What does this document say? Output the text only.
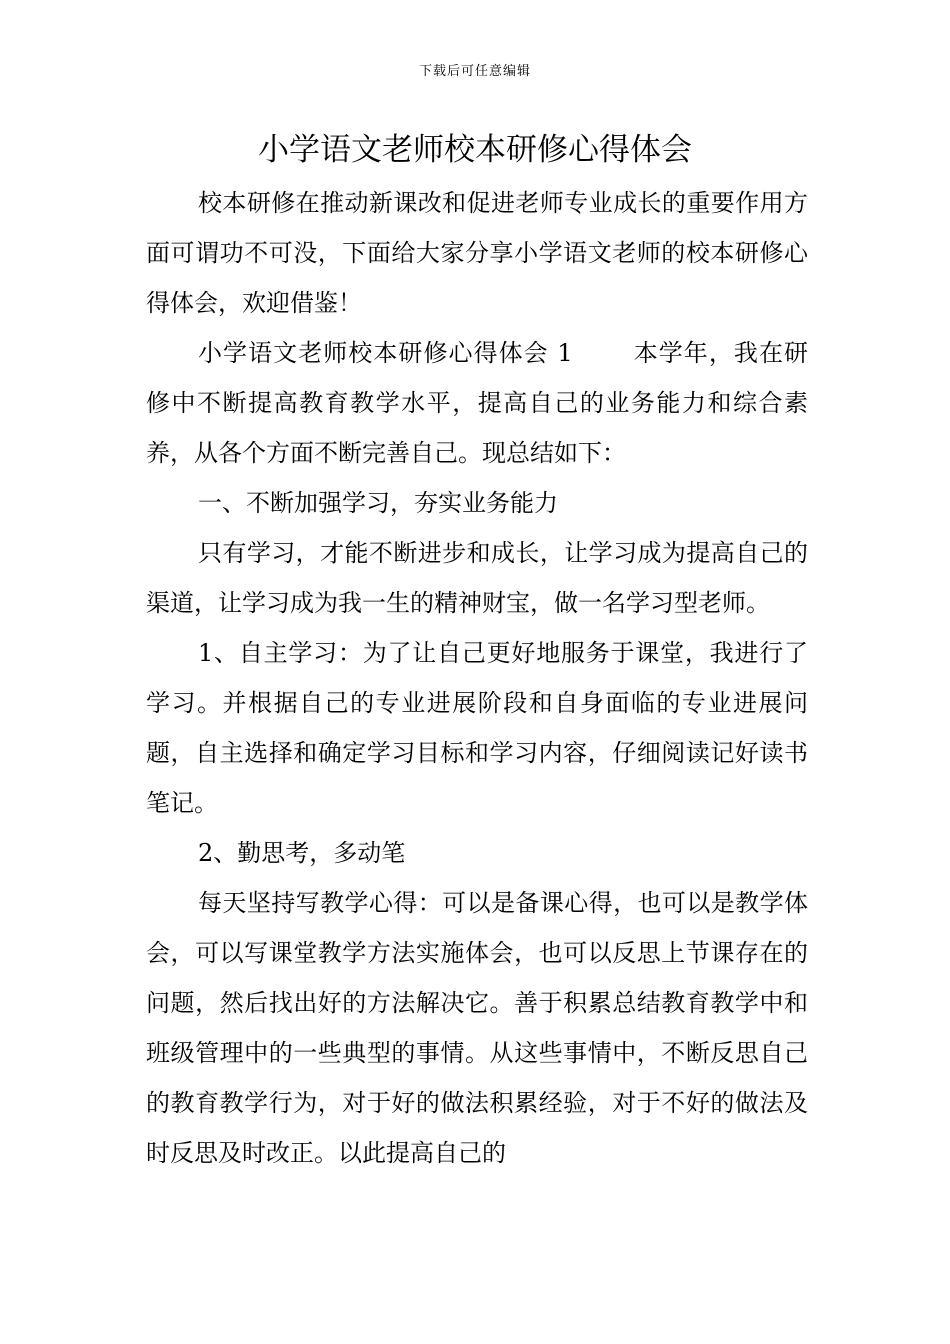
下载后可任意编辑
小学语文老师校本研修心得体会

校本研修在推动新课改和促进老师专业成长的重要作用方面可谓功不可没，下面给大家分享小学语文老师的校本研修心得体会，欢迎借鉴！

小学语文老师校本研修心得体会 1	本学年，我在研修中不断提高教育教学水平，提高自己的业务能力和综合素养，从各个方面不断完善自己。现总结如下：

一、不断加强学习，夯实业务能力

只有学习，才能不断进步和成长，让学习成为提高自己的渠道，让学习成为我一生的精神财宝，做一名学习型老师。

1、自主学习：为了让自己更好地服务于课堂，我进行了学习。并根据自己的专业进展阶段和自身面临的专业进展问题，自主选择和确定学习目标和学习内容，仔细阅读记好读书笔记。

2、勤思考，多动笔

每天坚持写教学心得：可以是备课心得，也可以是教学体会，可以写课堂教学方法实施体会，也可以反思上节课存在的问题，然后找出好的方法解决它。善于积累总结教育教学中和班级管理中的一些典型的事情。从这些事情中，不断反思自己的教育教学行为，对于好的做法积累经验，对于不好的做法及时反思及时改正。以此提高自己的
